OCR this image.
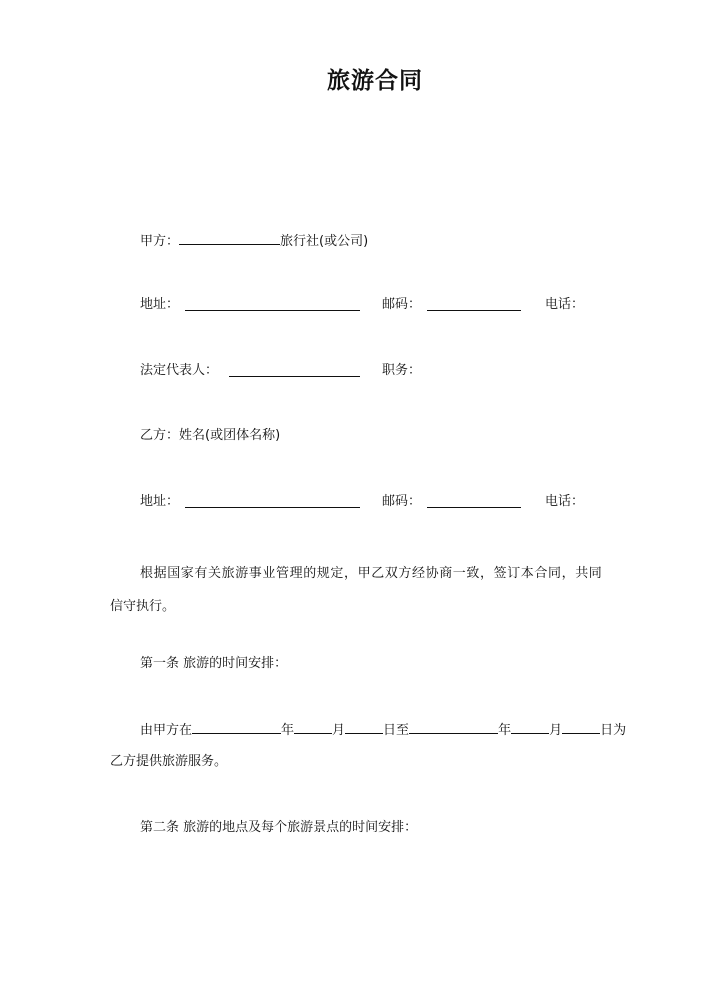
旅游合同
甲方：	旅行社(或公司)
地址：	邮码：	电话：
法定代表人：	职务：
乙方：姓名(或团体名称)
地址：	邮码：	电话：
根据国家有关旅游事业管理的规定，甲乙双方经协商一致，签订本合同，共同
信守执行。
第一条 旅游的时间安排：
由甲方在	年	月	日至	年	月	日为
乙方提供旅游服务。
第二条 旅游的地点及每个旅游景点的时间安排：
